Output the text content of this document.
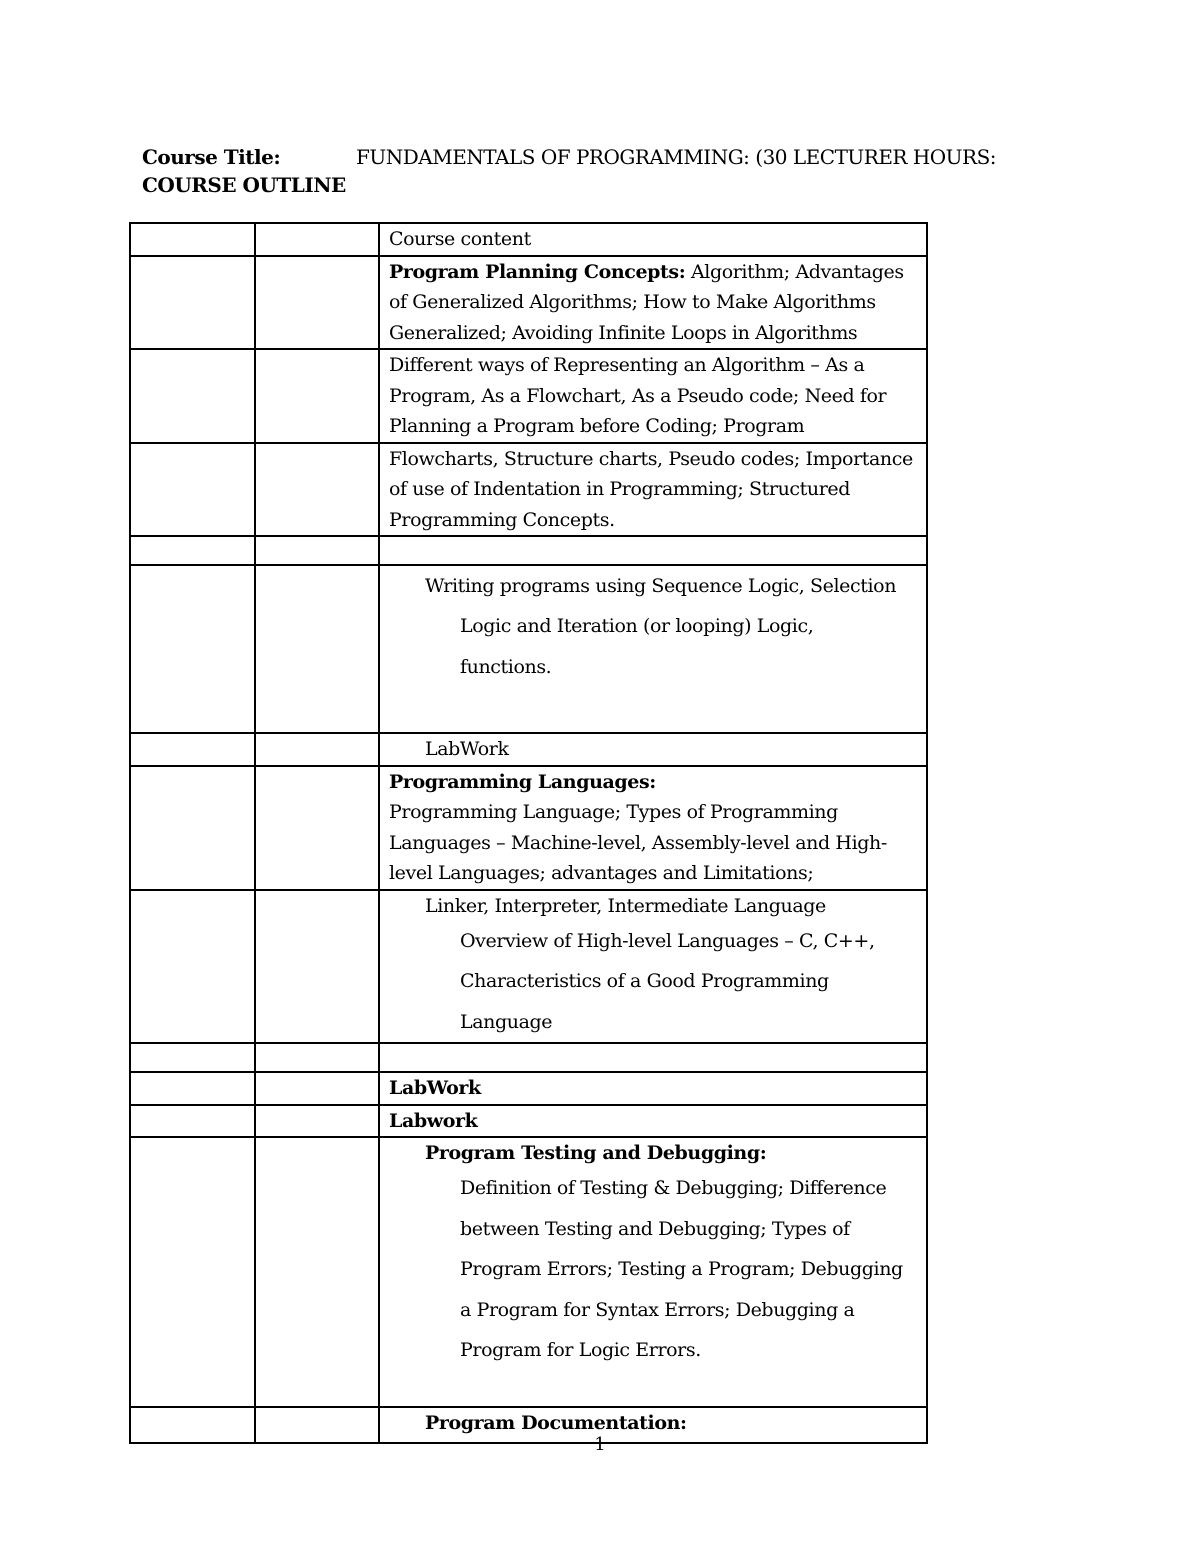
Course Title:	FUNDAMENTALS OF PROGRAMMING: (30 LECTURER HOURS:
COURSE OUTLINE
		Course content
		Program Planning Concepts: Algorithm; Advantages of Generalized Algorithms; How to Make Algorithms Generalized; Avoiding Infinite Loops in Algorithms
		Different ways of Representing an Algorithm – As a Program, As a Flowchart, As a Pseudo code; Need for Planning a Program before Coding; Program
		Flowcharts, Structure charts, Pseudo codes; Importance of use of Indentation in Programming; Structured Programming Concepts.

		Writing programs using Sequence Logic, Selection
Logic and Iteration (or looping) Logic,
functions.

		LabWork

		Programming Languages:
Programming Language; Types of Programming Languages – Machine-level, Assembly-level and High-level Languages; advantages and Limitations;

		Linker, Interpreter, Intermediate Language
Overview of High-level Languages – C, C++,
Characteristics of a Good Programming
Language

		LabWork
		Labwork

		Program Testing and Debugging:
Definition of Testing & Debugging; Difference between Testing and Debugging; Types of Program Errors; Testing a Program; Debugging a Program for Syntax Errors; Debugging a Program for Logic Errors.

		Program Documentation:
1
